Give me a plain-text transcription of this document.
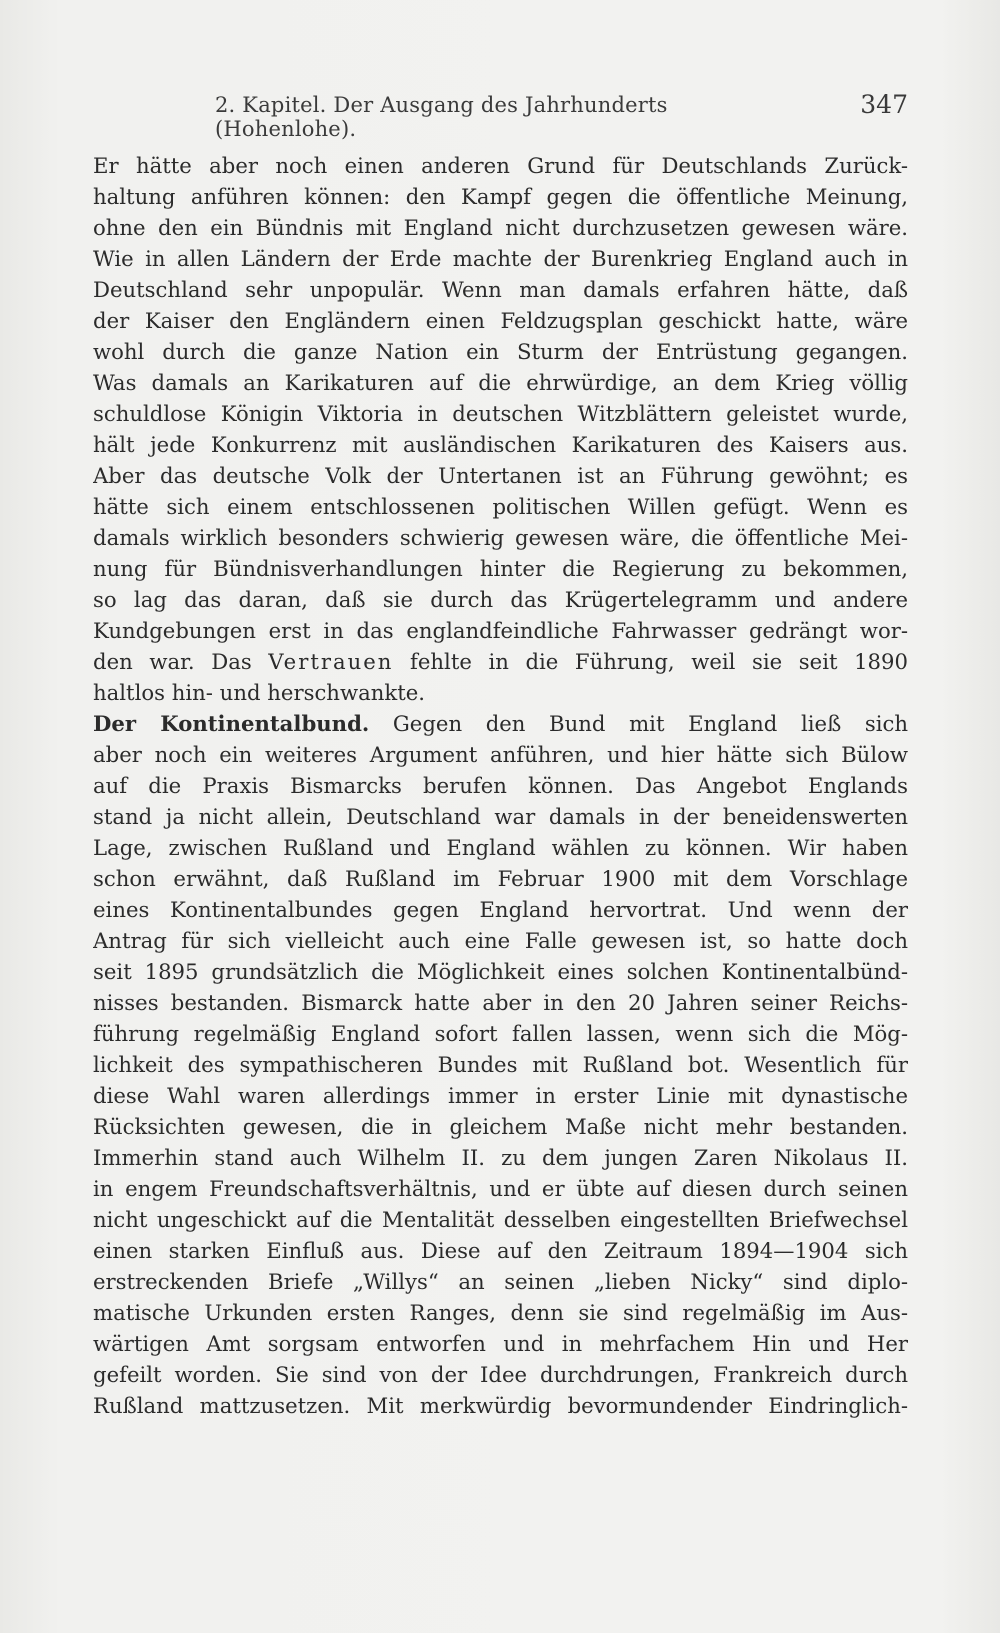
2. Kapitel. Der Ausgang des Jahrhunderts (Hohenlohe).
347
Er hätte aber noch einen anderen Grund für Deutschlands Zurück-
haltung anführen können: den Kampf gegen die öffentliche Meinung,
ohne den ein Bündnis mit England nicht durchzusetzen gewesen wäre.
Wie in allen Ländern der Erde machte der Burenkrieg England auch in
Deutschland sehr unpopulär. Wenn man damals erfahren hätte, daß
der Kaiser den Engländern einen Feldzugsplan geschickt hatte, wäre
wohl durch die ganze Nation ein Sturm der Entrüstung gegangen.
Was damals an Karikaturen auf die ehrwürdige, an dem Krieg völlig
schuldlose Königin Viktoria in deutschen Witzblättern geleistet wurde,
hält jede Konkurrenz mit ausländischen Karikaturen des Kaisers aus.
Aber das deutsche Volk der Untertanen ist an Führung gewöhnt; es
hätte sich einem entschlossenen politischen Willen gefügt. Wenn es
damals wirklich besonders schwierig gewesen wäre, die öffentliche Mei-
nung für Bündnisverhandlungen hinter die Regierung zu bekommen,
so lag das daran, daß sie durch das Krügertelegramm und andere
Kundgebungen erst in das englandfeindliche Fahrwasser gedrängt wor-
den war. Das Vertrauen fehlte in die Führung, weil sie seit 1890
haltlos hin- und herschwankte.
Der Kontinentalbund. Gegen den Bund mit England ließ sich
aber noch ein weiteres Argument anführen, und hier hätte sich Bülow
auf die Praxis Bismarcks berufen können. Das Angebot Englands
stand ja nicht allein, Deutschland war damals in der beneidenswerten
Lage, zwischen Rußland und England wählen zu können. Wir haben
schon erwähnt, daß Rußland im Februar 1900 mit dem Vorschlage
eines Kontinentalbundes gegen England hervortrat. Und wenn der
Antrag für sich vielleicht auch eine Falle gewesen ist, so hatte doch
seit 1895 grundsätzlich die Möglichkeit eines solchen Kontinentalbünd-
nisses bestanden. Bismarck hatte aber in den 20 Jahren seiner Reichs-
führung regelmäßig England sofort fallen lassen, wenn sich die Mög-
lichkeit des sympathischeren Bundes mit Rußland bot. Wesentlich für
diese Wahl waren allerdings immer in erster Linie mit dynastische
Rücksichten gewesen, die in gleichem Maße nicht mehr bestanden.
Immerhin stand auch Wilhelm II. zu dem jungen Zaren Nikolaus II.
in engem Freundschaftsverhältnis, und er übte auf diesen durch seinen
nicht ungeschickt auf die Mentalität desselben eingestellten Briefwechsel
einen starken Einfluß aus. Diese auf den Zeitraum 1894—1904 sich
erstreckenden Briefe „Willys“ an seinen „lieben Nicky“ sind diplo-
matische Urkunden ersten Ranges, denn sie sind regelmäßig im Aus-
wärtigen Amt sorgsam entworfen und in mehrfachem Hin und Her
gefeilt worden. Sie sind von der Idee durchdrungen, Frankreich durch
Rußland mattzusetzen. Mit merkwürdig bevormundender Eindringlich-
